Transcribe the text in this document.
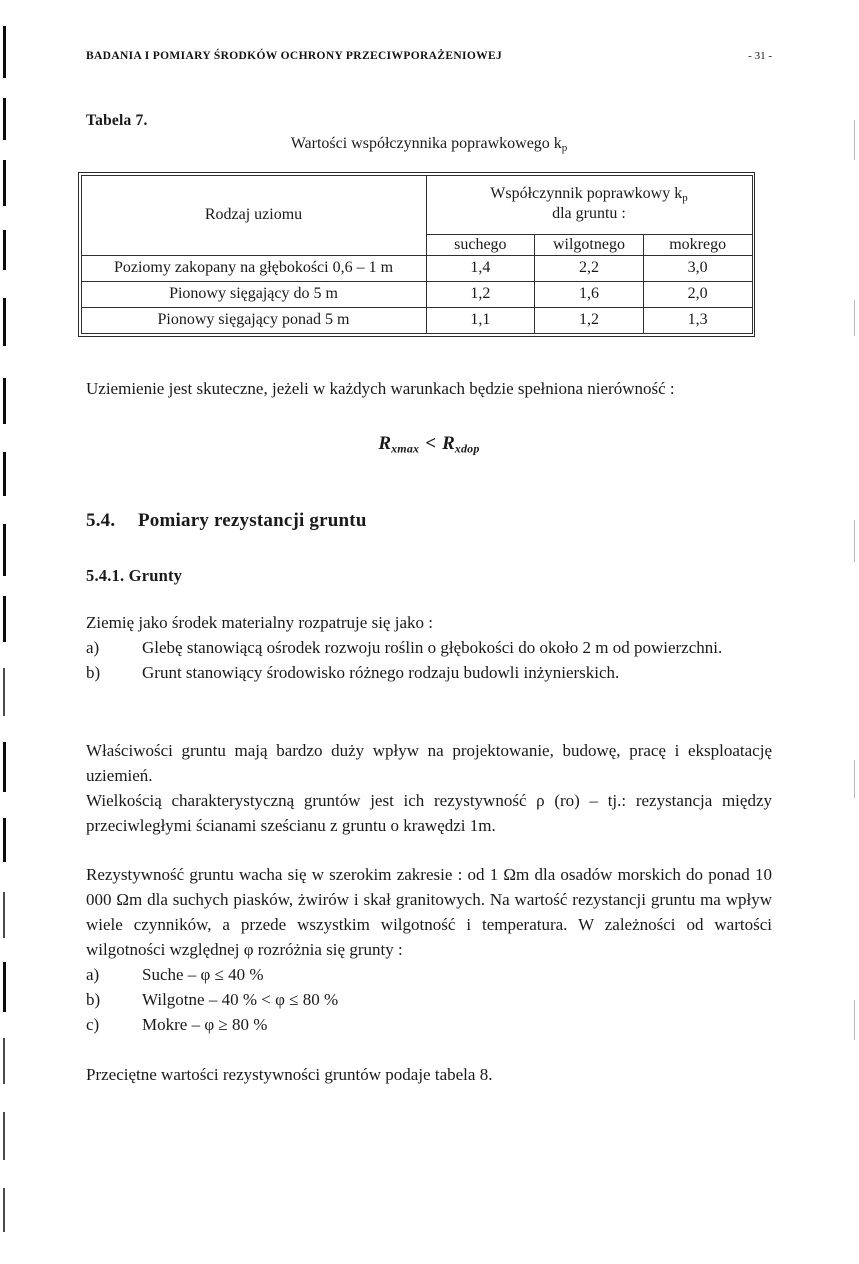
BADANIA I POMIARY ŚRODKÓW OCHRONY PRZECIWPORAŻENIOWEJ	- 31 -
Tabela 7.
Wartości współczynnika poprawkowego $k_p$
Rodzaj uziomu	Współczynnik poprawkowy $k_p$
dla gruntu :		
	suchego	wilgotnego	mokrego
Poziomy zakopany na głębokości 0,6 – 1 m	1,4	2,2	3,0
Pionowy sięgający do 5 m	1,2	1,6	2,0
Pionowy sięgający ponad 5 m	1,1	1,2	1,3

Uziemienie jest skuteczne, jeżeli w każdych warunkach będzie spełniona nierówność :

Rxmax < Rxdop
5.4. Pomiary rezystancji gruntu
5.4.1. Grunty

Ziemię jako środek materialny rozpatruje się jako :

a)	Glebę stanowiącą ośrodek rozwoju roślin o głębokości do około 2 m od powierzchni.
b)	Grunt stanowiący środowisko różnego rodzaju budowli inżynierskich.

Właściwości gruntu mają bardzo duży wpływ na projektowanie, budowę, pracę i eksploatację uziemień.

Wielkością charakterystyczną gruntów jest ich rezystywność ρ (ro) – tj.: rezystancja między przeciwległymi ścianami sześcianu z gruntu o krawędzi 1m.

Rezystywność gruntu wacha się w szerokim zakresie : od 1 Ωm dla osadów morskich do ponad 10 000 Ωm dla suchych piasków, żwirów i skał granitowych. Na wartość rezystancji gruntu ma wpływ wiele czynników, a przede wszystkim wilgotność i temperatura. W zależności od wartości wilgotności względnej φ rozróżnia się grunty :

a)	Suche – φ ≤ 40 %
b)	Wilgotne – 40 % < φ ≤ 80 %
c)	Mokre – φ ≥ 80 %

Przeciętne wartości rezystywności gruntów podaje tabela 8.
